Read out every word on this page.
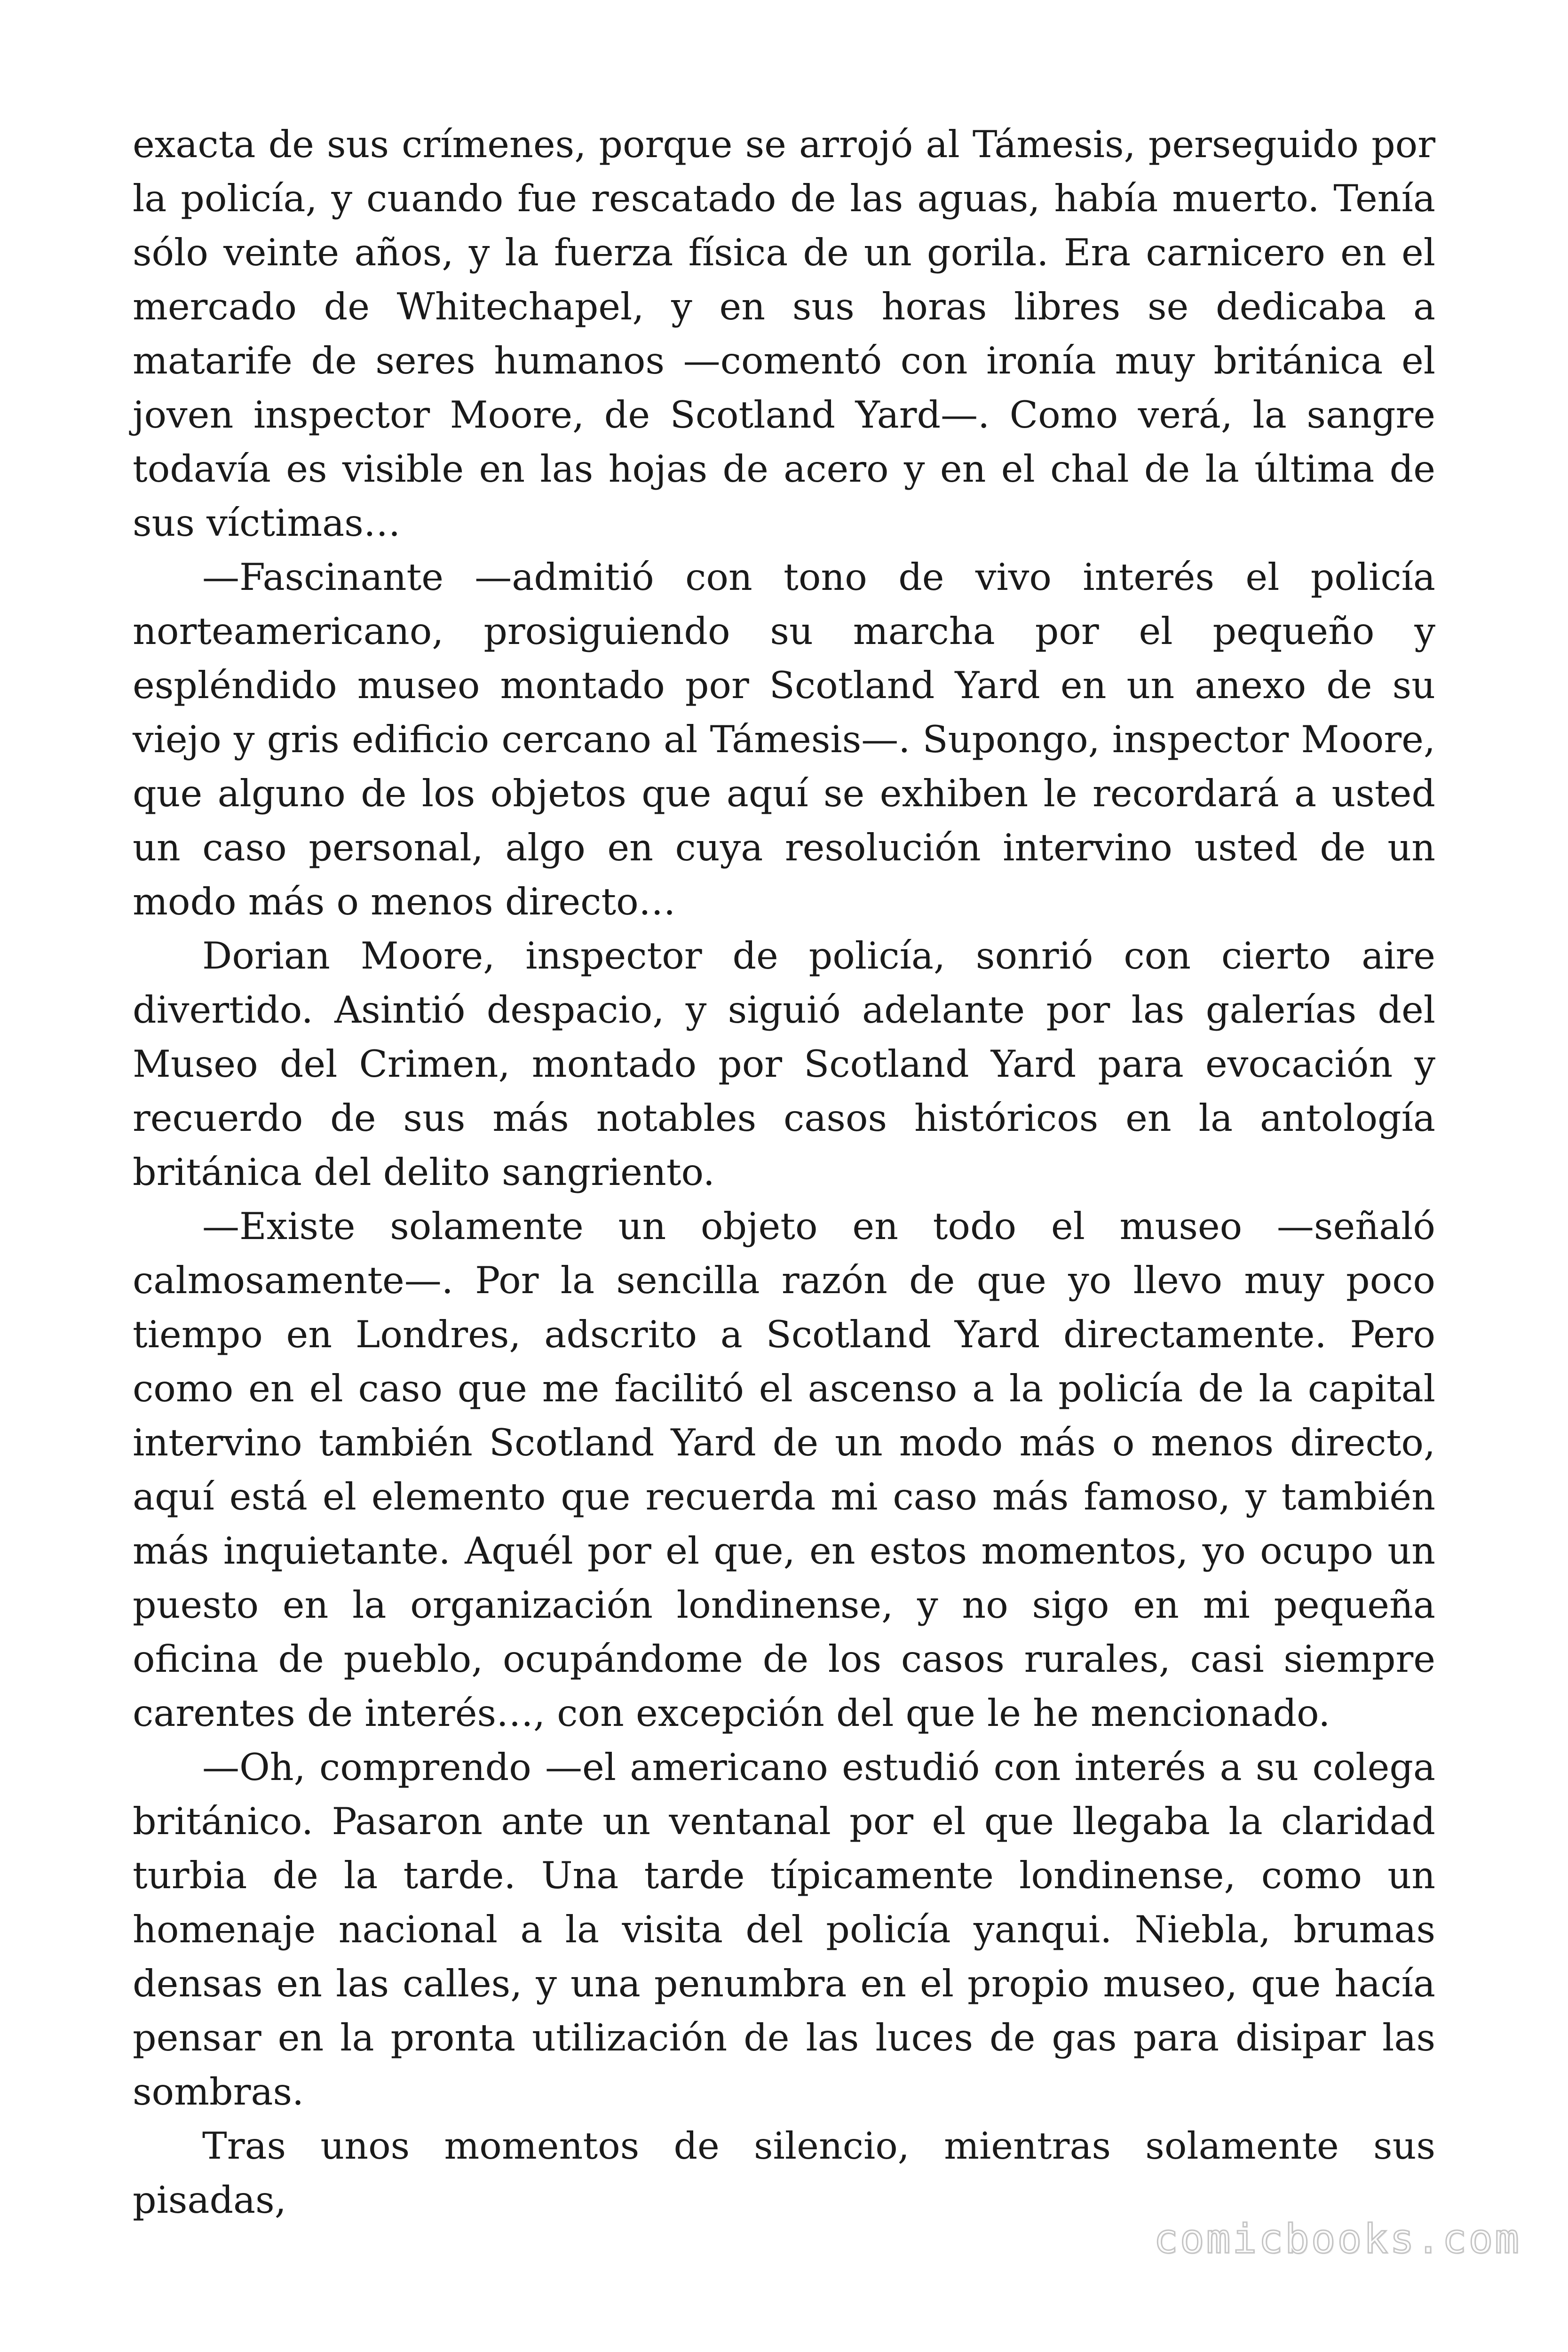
exacta de sus crímenes, porque se arrojó al Támesis, perseguido por la policía, y cuando fue rescatado de las aguas, había muerto. Tenía sólo veinte años, y la fuerza física de un gorila. Era carnicero en el mercado de Whitechapel, y en sus horas libres se dedicaba a matarife de seres humanos —comentó con ironía muy británica el joven inspector Moore, de Scotland Yard—. Como verá, la sangre todavía es visible en las hojas de acero y en el chal de la última de sus víctimas…

—Fascinante —admitió con tono de vivo interés el policía norteamericano, prosiguiendo su marcha por el pequeño y espléndido museo montado por Scotland Yard en un anexo de su viejo y gris edificio cercano al Támesis—. Supongo, inspector Moore, que alguno de los objetos que aquí se exhiben le recordará a usted un caso personal, algo en cuya resolución intervino usted de un modo más o menos directo…

Dorian Moore, inspector de policía, sonrió con cierto aire divertido. Asintió despacio, y siguió adelante por las galerías del Museo del Crimen, montado por Scotland Yard para evocación y recuerdo de sus más notables casos históricos en la antología británica del delito sangriento.

—Existe solamente un objeto en todo el museo —señaló calmosamente—. Por la sencilla razón de que yo llevo muy poco tiempo en Londres, adscrito a Scotland Yard directamente. Pero como en el caso que me facilitó el ascenso a la policía de la capital intervino también Scotland Yard de un modo más o menos directo, aquí está el elemento que recuerda mi caso más famoso, y también más inquietante. Aquél por el que, en estos momentos, yo ocupo un puesto en la organización londinense, y no sigo en mi pequeña oficina de pueblo, ocupándome de los casos rurales, casi siempre carentes de interés…, con excepción del que le he mencionado.

—Oh, comprendo —el americano estudió con interés a su colega británico. Pasaron ante un ventanal por el que llegaba la claridad turbia de la tarde. Una tarde típicamente londinense, como un homenaje nacional a la visita del policía yanqui. Niebla, brumas densas en las calles, y una penumbra en el propio museo, que hacía pensar en la pronta utilización de las luces de gas para disipar las sombras.

Tras unos momentos de silencio, mientras solamente sus pisadas,

comicbooks.com
